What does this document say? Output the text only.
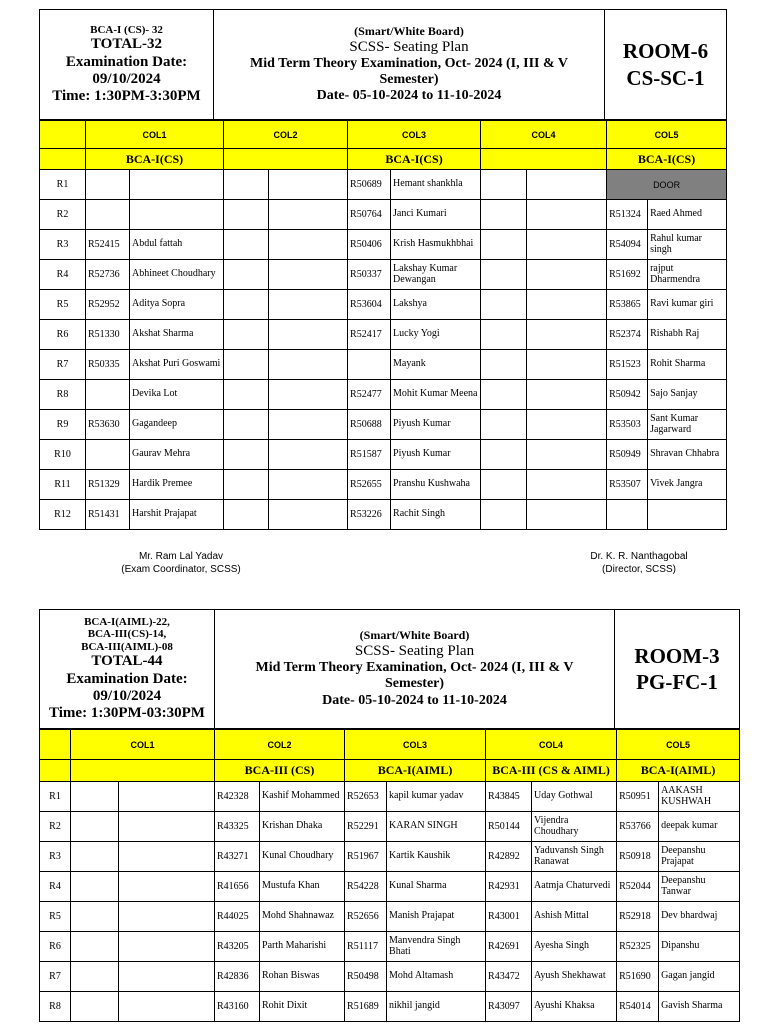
BCA-I (CS)- 32
TOTAL-32
Examination Date:
09/10/2024
Time: 1:30PM-3:30PM

(Smart/White Board)
SCSS- Seating Plan
Mid Term Theory Examination, Oct- 2024 (I, III & V
Semester)
Date- 05-10-2024 to 11-10-2024

ROOM-6
CS-SC-1
	COL1		COL2		COL3		COL4		COL5	
	BCA-I(CS)				BCA-I(CS)				BCA-I(CS)	
R1					R50689	Hemant shankhla			DOOR	
R2					R50764	Janci Kumari			R51324	Raed Ahmed
R3	R52415	Abdul fattah			R50406	Krish Hasmukhbhai			R54094	Rahul kumar singh
R4	R52736	Abhineet Choudhary			R50337	Lakshay Kumar Dewangan			R51692	rajput Dharmendra
R5	R52952	Aditya Sopra			R53604	Lakshya			R53865	Ravi kumar giri
R6	R51330	Akshat Sharma			R52417	Lucky Yogi			R52374	Rishabh Raj
R7	R50335	Akshat Puri Goswami				Mayank			R51523	Rohit Sharma
R8		Devika Lot			R52477	Mohit Kumar Meena			R50942	Sajo Sanjay
R9	R53630	Gagandeep			R50688	Piyush Kumar			R53503	Sant Kumar Jagarward
R10		Gaurav Mehra			R51587	Piyush Kumar			R50949	Shravan Chhabra
R11	R51329	Hardik Premee			R52655	Pranshu Kushwaha			R53507	Vivek Jangra
R12	R51431	Harshit Prajapat			R53226	Rachit Singh				
Mr. Ram Lal Yadav
(Exam Coordinator, SCSS)
Dr. K. R. Nanthagobal
(Director, SCSS)
BCA-I(AIML)-22,
BCA-III(CS)-14,
BCA-III(AIML)-08
TOTAL-44
Examination Date:
09/10/2024
Time: 1:30PM-03:30PM

(Smart/White Board)
SCSS- Seating Plan
Mid Term Theory Examination, Oct- 2024 (I, III & V
Semester)
Date- 05-10-2024 to 11-10-2024

ROOM-3
PG-FC-1
	COL1		COL2		COL3		COL4		COL5	
			BCA-III (CS)		BCA-I(AIML)		BCA-III (CS & AIML)		BCA-I(AIML)	
R1			R42328	Kashif Mohammed	R52653	kapil kumar yadav	R43845	Uday Gothwal	R50951	AAKASH KUSHWAH
R2			R43325	Krishan Dhaka	R52291	KARAN SINGH	R50144	Vijendra Choudhary	R53766	deepak kumar
R3			R43271	Kunal Choudhary	R51967	Kartik Kaushik	R42892	Yaduvansh Singh Ranawat	R50918	Deepanshu Prajapat
R4			R41656	Mustufa Khan	R54228	Kunal Sharma	R42931	Aatmja Chaturvedi	R52044	Deepanshu Tanwar
R5			R44025	Mohd Shahnawaz	R52656	Manish Prajapat	R43001	Ashish Mittal	R52918	Dev bhardwaj
R6			R43205	Parth Maharishi	R51117	Manvendra Singh Bhati	R42691	Ayesha Singh	R52325	Dipanshu
R7			R42836	Rohan Biswas	R50498	Mohd Altamash	R43472	Ayush Shekhawat	R51690	Gagan jangid
R8			R43160	Rohit Dixit	R51689	nikhil jangid	R43097	Ayushi Khaksa	R54014	Gavish Sharma
